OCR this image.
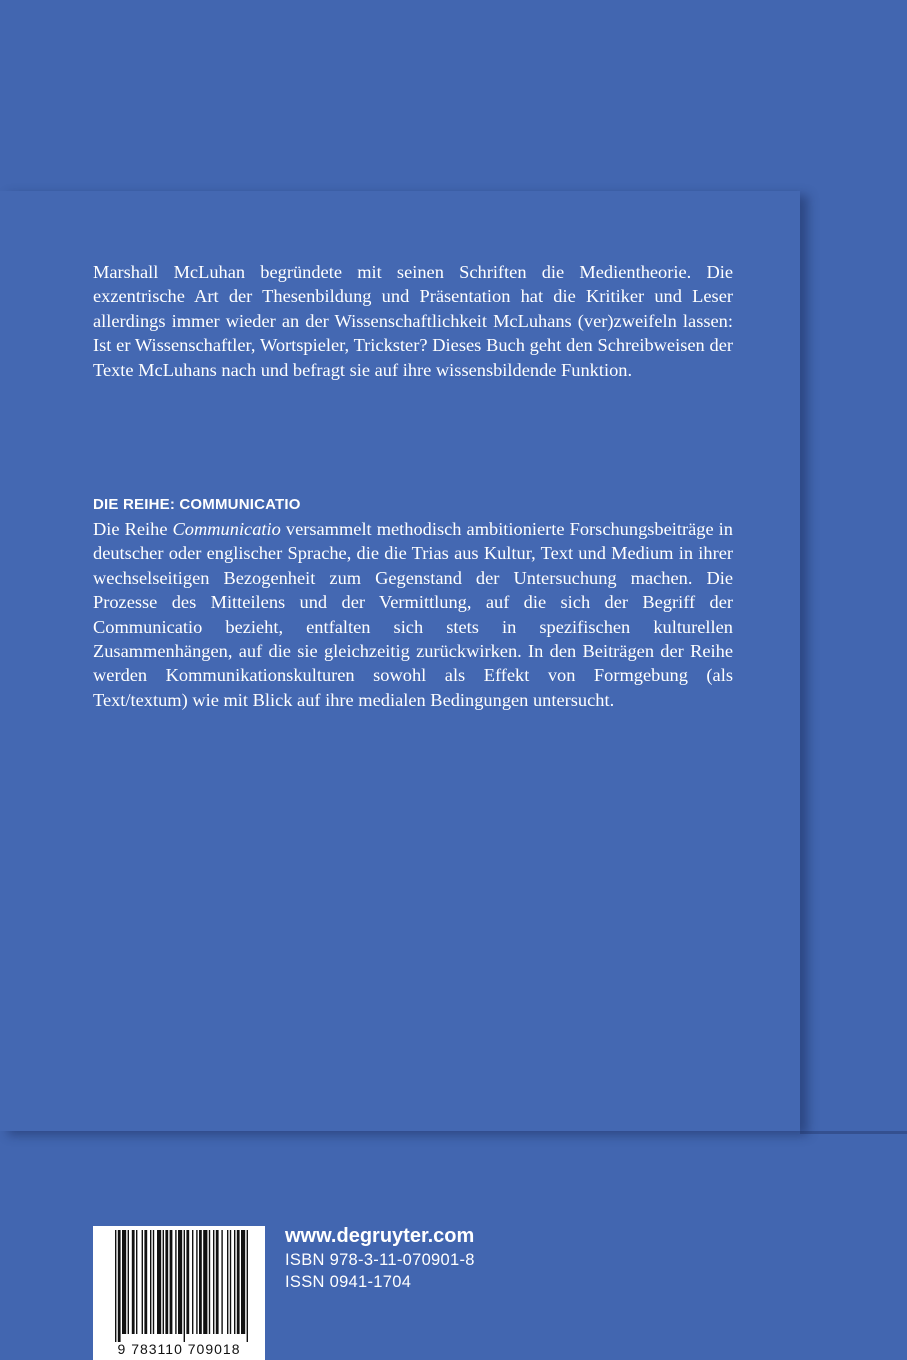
Marshall McLuhan begründete mit seinen Schriften die Medientheorie. Die exzentrische Art der Thesenbildung und Präsentation hat die Kritiker und Leser allerdings immer wieder an der Wissenschaftlichkeit McLuhans (ver)zweifeln lassen: Ist er Wissenschaftler, Wortspieler, Trickster? Dieses Buch geht den Schreibweisen der Texte McLuhans nach und befragt sie auf ihre wissensbildende Funktion.

DIE REIHE: COMMUNICATIO

Die Reihe Communicatio versammelt methodisch ambitionierte Forschungsbeiträge in deutscher oder englischer Sprache, die die Trias aus Kultur, Text und Medium in ihrer wechselseitigen Bezogenheit zum Gegenstand der Untersuchung machen. Die Prozesse des Mitteilens und der Vermittlung, auf die sich der Begriff der Communicatio bezieht, entfalten sich stets in spezifischen kulturellen Zusammenhängen, auf die sie gleichzeitig zurückwirken. In den Beiträgen der Reihe werden Kommunikationskulturen sowohl als Effekt von Formgebung (als Text/textum) wie mit Blick auf ihre medialen Bedingungen untersucht.

9 783110 709018
www.degruyter.com
ISBN 978-3-11-070901-8
ISSN 0941-1704
